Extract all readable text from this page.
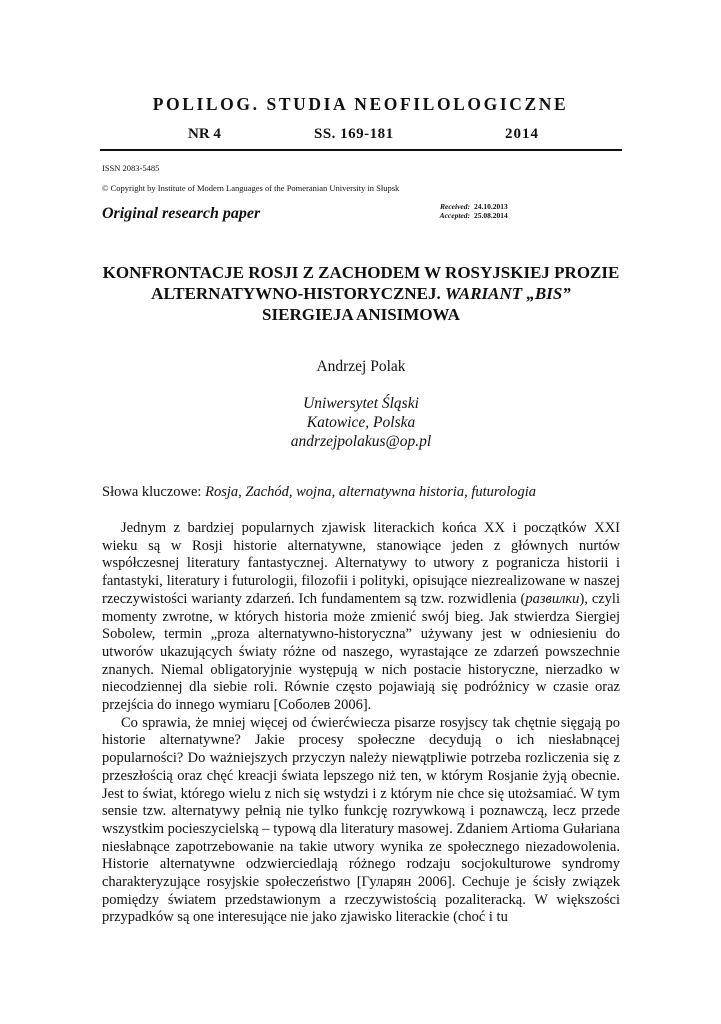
POLILOG. STUDIA NEOFILOLOGICZNE
NR 4	SS. 169-181	2014
ISSN 2083-5485
© Copyright by Institute of Modern Languages of the Pomeranian University in Słupsk
Original research paper	Received: 24.10.2013
Accepted: 25.08.2014
KONFRONTACJE ROSJI Z ZACHODEM W ROSYJSKIEJ PROZIE ALTERNATYWNO-HISTORYCZNEJ. WARIANT „BIS”
SIERGIEJA ANISIMOWA
Andrzej Polak
Uniwersytet Śląski
Katowice, Polska
andrzejpolakus@op.pl
Słowa kluczowe: Rosja, Zachód, wojna, alternatywna historia, futurologia

Jednym z bardziej popularnych zjawisk literackich końca XX i początków XXI wieku są w Rosji historie alternatywne, stanowiące jeden z głównych nurtów współczesnej literatury fantastycznej. Alternatywy to utwory z pogranicza historii i fantastyki, literatury i futurologii, filozofii i polityki, opisujące niezrealizowane w naszej rzeczywistości warianty zdarzeń. Ich fundamentem są tzw. rozwidlenia (развилки), czyli momenty zwrotne, w których historia może zmienić swój bieg. Jak stwierdza Siergiej Sobolew, termin „proza alternatywno-historyczna” używany jest w odniesieniu do utworów ukazujących światy różne od naszego, wyrastające ze zdarzeń powszechnie znanych. Niemal obligatoryjnie występują w nich postacie historyczne, nierzadko w niecodziennej dla siebie roli. Równie często pojawiają się podróżnicy w czasie oraz przejścia do innego wymiaru [Соболев 2006].

Co sprawia, że mniej więcej od ćwierćwiecza pisarze rosyjscy tak chętnie sięgają po historie alternatywne? Jakie procesy społeczne decydują o ich niesłabnącej popularności? Do ważniejszych przyczyn należy niewątpliwie potrzeba rozliczenia się z przeszłością oraz chęć kreacji świata lepszego niż ten, w którym Rosjanie żyją obecnie. Jest to świat, którego wielu z nich się wstydzi i z którym nie chce się utożsamiać. W tym sensie tzw. alternatywy pełnią nie tylko funkcję rozrywkową i poznawczą, lecz przede wszystkim pocieszycielską – typową dla literatury masowej. Zdaniem Artioma Gułariana niesłabnące zapotrzebowanie na takie utwory wynika ze społecznego niezadowolenia. Historie alternatywne odzwierciedlają różnego rodzaju socjokulturowe syndromy charakteryzujące rosyjskie społeczeństwo [Гуларян 2006]. Cechuje je ścisły związek pomiędzy światem przedstawionym a rzeczywistością pozaliteracką. W większości przypadków są one interesujące nie jako zjawisko literackie (choć i tu
